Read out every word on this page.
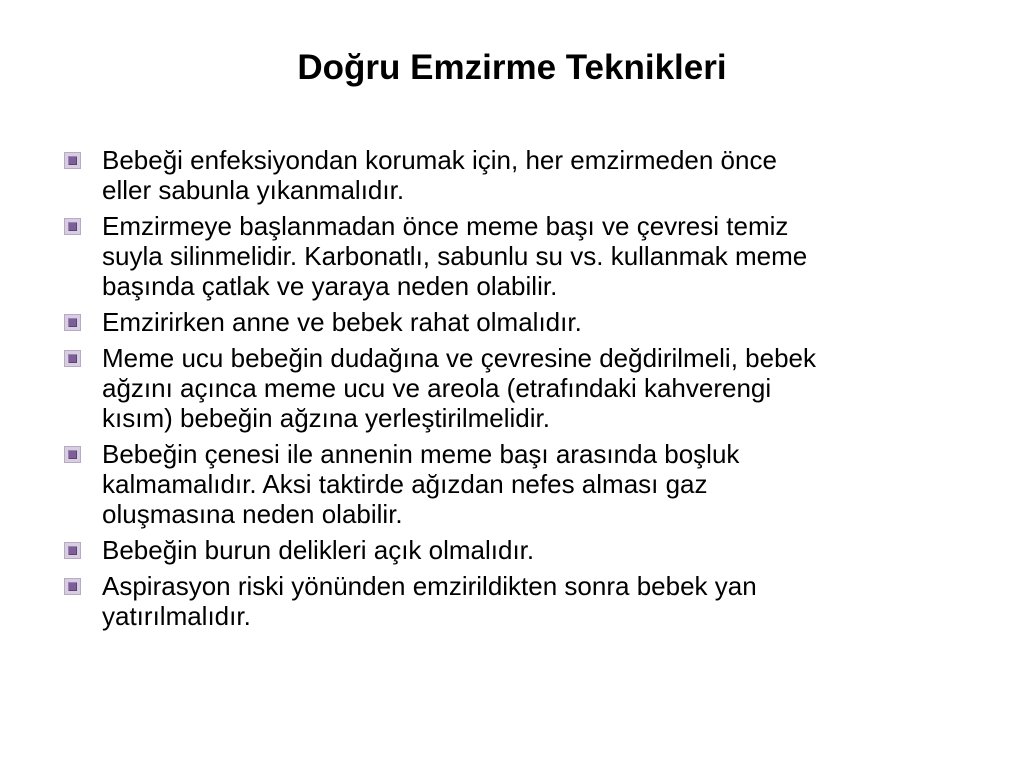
Doğru Emzirme Teknikleri
Bebeği enfeksiyondan korumak için, her emzirmeden önce
eller sabunla yıkanmalıdır.
Emzirmeye başlanmadan önce meme başı ve çevresi temiz
suyla silinmelidir. Karbonatlı, sabunlu su vs. kullanmak meme
başında çatlak ve yaraya neden olabilir.
Emzirirken anne ve bebek rahat olmalıdır.
Meme ucu bebeğin dudağına ve çevresine değdirilmeli, bebek
ağzını açınca meme ucu ve areola (etrafındaki kahverengi
kısım) bebeğin ağzına yerleştirilmelidir.
Bebeğin çenesi ile annenin meme başı arasında boşluk
kalmamalıdır. Aksi taktirde ağızdan nefes alması gaz
oluşmasına neden olabilir.
Bebeğin burun delikleri açık olmalıdır.
Aspirasyon riski yönünden emzirildikten sonra bebek yan
yatırılmalıdır.
